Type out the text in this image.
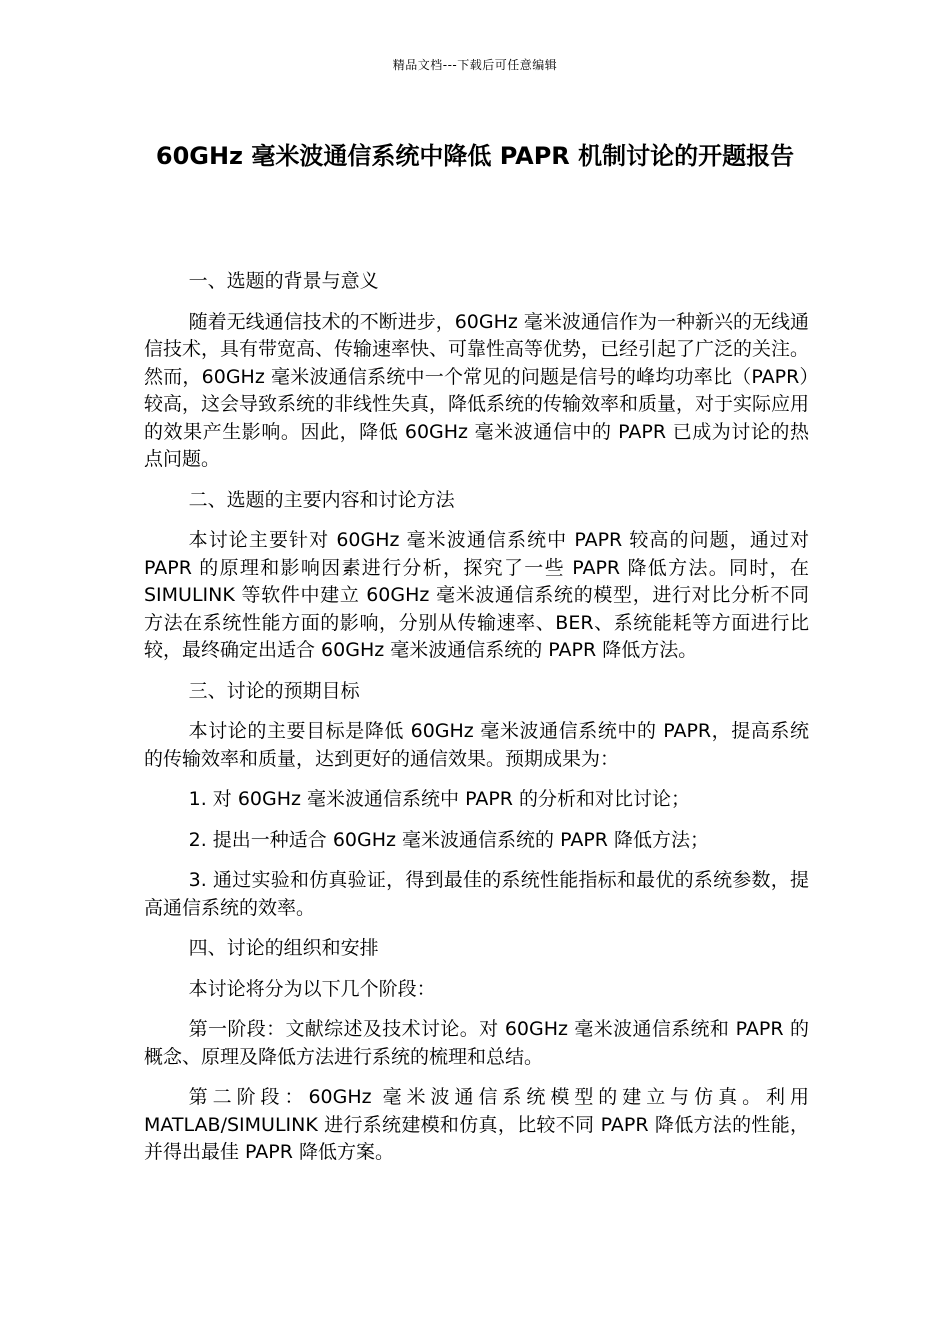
精品文档---下载后可任意编辑
60GHz 毫米波通信系统中降低 PAPR 机制讨论的开题报告

一、选题的背景与意义

随着无线通信技术的不断进步，60GHz 毫米波通信作为一种新兴的无线通信技术，具有带宽高、传输速率快、可靠性高等优势，已经引起了广泛的关注。然而，60GHz 毫米波通信系统中一个常见的问题是信号的峰均功率比（PAPR）较高，这会导致系统的非线性失真，降低系统的传输效率和质量，对于实际应用的效果产生影响。因此，降低 60GHz 毫米波通信中的 PAPR 已成为讨论的热点问题。

二、选题的主要内容和讨论方法

本讨论主要针对 60GHz 毫米波通信系统中 PAPR 较高的问题，通过对 PAPR 的原理和影响因素进行分析，探究了一些 PAPR 降低方法。同时，在 SIMULINK 等软件中建立 60GHz 毫米波通信系统的模型，进行对比分析不同方法在系统性能方面的影响，分别从传输速率、BER、系统能耗等方面进行比较，最终确定出适合 60GHz 毫米波通信系统的 PAPR 降低方法。

三、讨论的预期目标

本讨论的主要目标是降低 60GHz 毫米波通信系统中的 PAPR，提高系统的传输效率和质量，达到更好的通信效果。预期成果为：

1. 对 60GHz 毫米波通信系统中 PAPR 的分析和对比讨论；

2. 提出一种适合 60GHz 毫米波通信系统的 PAPR 降低方法；

3. 通过实验和仿真验证，得到最佳的系统性能指标和最优的系统参数，提高通信系统的效率。

四、讨论的组织和安排

本讨论将分为以下几个阶段：

第一阶段：文献综述及技术讨论。对 60GHz 毫米波通信系统和 PAPR 的概念、原理及降低方法进行系统的梳理和总结。

第二阶段：60GHz 毫米波通信系统模型的建立与仿真。利用 MATLAB/SIMULINK 进行系统建模和仿真，比较不同 PAPR 降低方法的性能，并得出最佳 PAPR 降低方案。
